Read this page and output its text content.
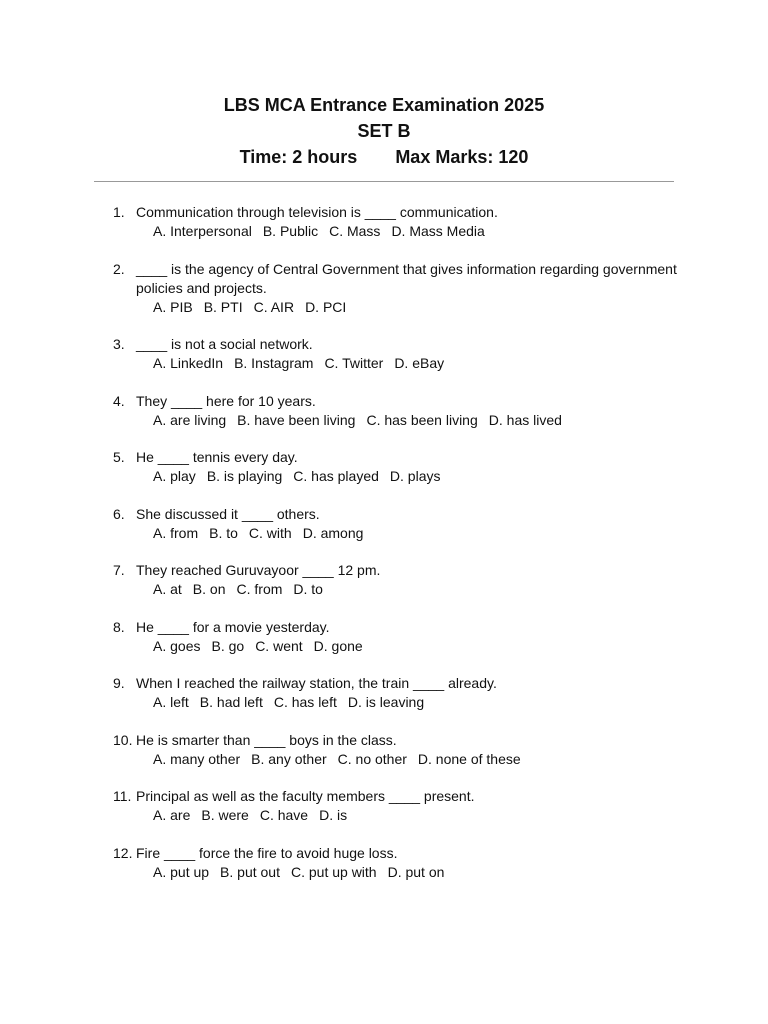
LBS MCA Entrance Examination 2025
SET B
Time: 2 hours Max Marks: 120
1. Communication through television is ____ communication.
A. Interpersonal B. Public C. Mass D. Mass Media
2. ____ is the agency of Central Government that gives information regarding government policies and projects.
A. PIB B. PTI C. AIR D. PCI
3. ____ is not a social network.
A. LinkedIn B. Instagram C. Twitter D. eBay
4. They ____ here for 10 years.
A. are living B. have been living C. has been living D. has lived
5. He ____ tennis every day.
A. play B. is playing C. has played D. plays
6. She discussed it ____ others.
A. from B. to C. with D. among
7. They reached Guruvayoor ____ 12 pm.
A. at B. on C. from D. to
8. He ____ for a movie yesterday.
A. goes B. go C. went D. gone
9. When I reached the railway station, the train ____ already.
A. left B. had left C. has left D. is leaving
10. He is smarter than ____ boys in the class.
A. many other B. any other C. no other D. none of these
11. Principal as well as the faculty members ____ present.
A. are B. were C. have D. is
12. Fire ____ force the fire to avoid huge loss.
A. put up B. put out C. put up with D. put on
